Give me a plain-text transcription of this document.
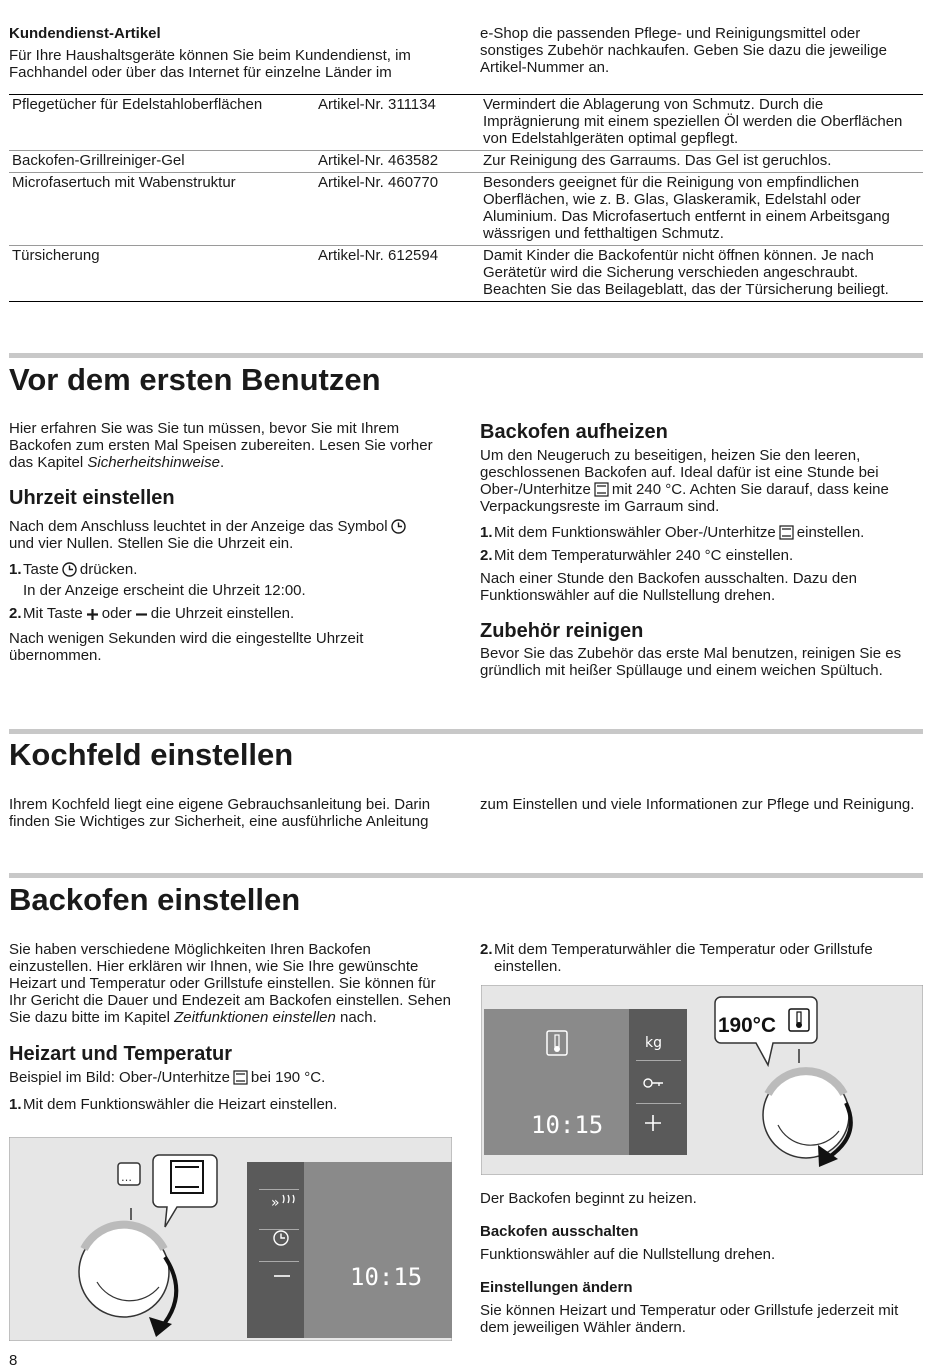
Kundendienst-Artikel

Für Ihre Haushaltsgeräte können Sie beim Kundendienst, im Fachhandel oder über das Internet für einzelne Länder im

e-Shop die passenden Pflege- und Reinigungsmittel oder sonstiges Zubehör nachkaufen. Geben Sie dazu die jeweilige Artikel-Nummer an.

Pflegetücher für Edelstahloberflächen	Artikel-Nr. 311134	Vermindert die Ablagerung von Schmutz. Durch die Imprägnierung mit einem speziellen Öl werden die Oberflächen von Edelstahlgeräten optimal gepflegt.
Backofen-Grillreiniger-Gel	Artikel-Nr. 463582	Zur Reinigung des Garraums. Das Gel ist geruchlos.
Microfasertuch mit Wabenstruktur	Artikel-Nr. 460770	Besonders geeignet für die Reinigung von empfindlichen Oberflächen, wie z. B. Glas, Glaskeramik, Edelstahl oder Aluminium. Das Microfasertuch entfernt in einem Arbeitsgang wässrigen und fetthaltigen Schmutz.
Türsicherung	Artikel-Nr. 612594	Damit Kinder die Backofentür nicht öffnen können. Je nach Gerätetür wird die Sicherung verschieden angeschraubt. Beachten Sie das Beilageblatt, das der Türsicherung beiliegt.
Vor dem ersten Benutzen

Hier erfahren Sie was Sie tun müssen, bevor Sie mit Ihrem Backofen zum ersten Mal Speisen zubereiten. Lesen Sie vorher das Kapitel Sicherheitshinweise.

Uhrzeit einstellen

Nach dem Anschluss leuchtet in der Anzeige das Symbol
und vier Nullen. Stellen Sie die Uhrzeit ein.

1. Taste drücken.

In der Anzeige erscheint die Uhrzeit 12:00.

2. Mit Taste oder die Uhrzeit einstellen.

Nach wenigen Sekunden wird die eingestellte Uhrzeit übernommen.

Backofen aufheizen

Um den Neugeruch zu beseitigen, heizen Sie den leeren, geschlossenen Backofen auf. Ideal dafür ist eine Stunde bei Ober-/Unterhitze mit 240 °C. Achten Sie darauf, dass keine Verpackungsreste im Garraum sind.

1. Mit dem Funktionswähler Ober-/Unterhitze einstellen.
2. Mit dem Temperaturwähler 240 °C einstellen.

Nach einer Stunde den Backofen ausschalten. Dazu den Funktionswähler auf die Nullstellung drehen.

Zubehör reinigen

Bevor Sie das Zubehör das erste Mal benutzen, reinigen Sie es gründlich mit heißer Spüllauge und einem weichen Spültuch.

Kochfeld einstellen

Ihrem Kochfeld liegt eine eigene Gebrauchsanleitung bei. Darin finden Sie Wichtiges zur Sicherheit, eine ausführliche Anleitung

zum Einstellen und viele Informationen zur Pflege und Reinigung.

Backofen einstellen

Sie haben verschiedene Möglichkeiten Ihren Backofen einzustellen. Hier erklären wir Ihnen, wie Sie Ihre gewünschte Heizart und Temperatur oder Grillstufe einstellen. Sie können für Ihr Gericht die Dauer und Endezeit am Backofen einstellen. Sehen Sie dazu bitte im Kapitel Zeitfunktionen einstellen nach.

Heizart und Temperatur

Beispiel im Bild: Ober-/Unterhitze bei 190 °C.

1. Mit dem Funktionswähler die Heizart einstellen.
»
10:15
…
2. Mit dem Temperaturwähler die Temperatur oder Grillstufe einstellen.
kg
10:15
190°C

Der Backofen beginnt zu heizen.

Backofen ausschalten

Funktionswähler auf die Nullstellung drehen.

Einstellungen ändern

Sie können Heizart und Temperatur oder Grillstufe jederzeit mit dem jeweiligen Wähler ändern.

8
